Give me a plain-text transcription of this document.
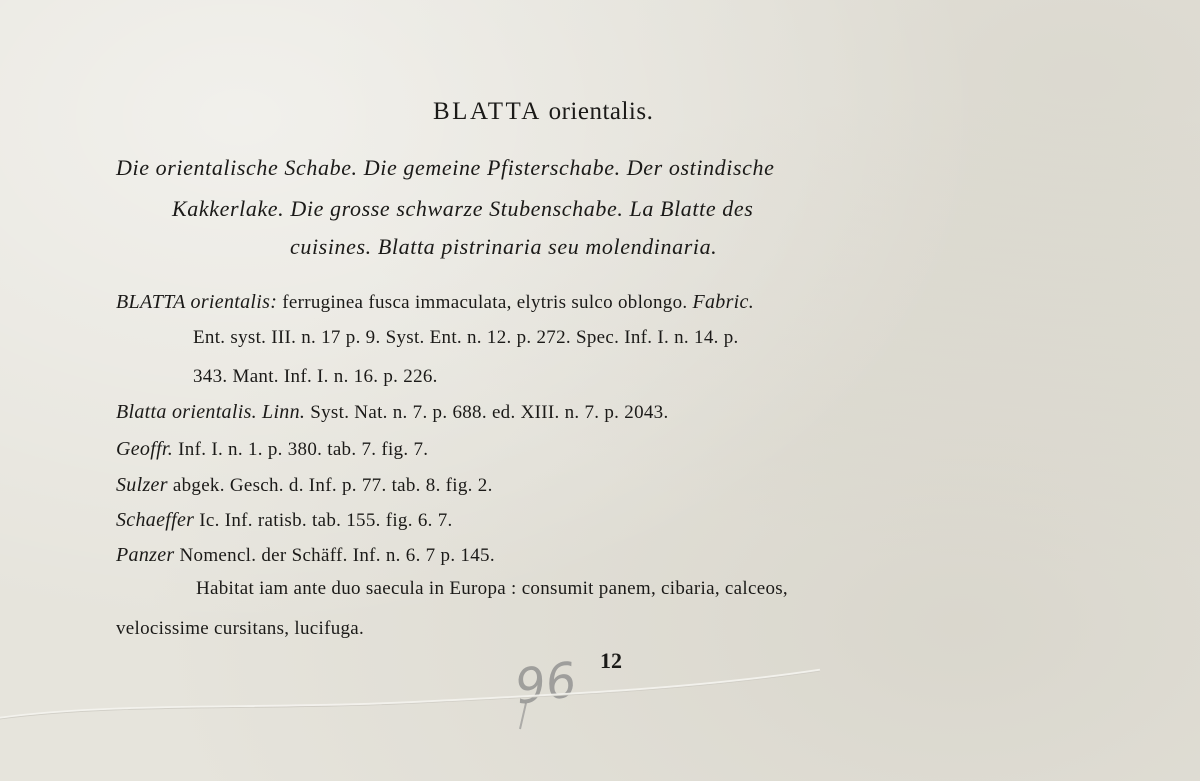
BLATTA orientalis.
Die orientalische Schabe. Die gemeine Pfisterschabe. Der ostindische
Kakkerlake. Die grosse schwarze Stubenschabe. La Blatte des
cuisines. Blatta pistrinaria seu molendinaria.
BLATTA orientalis: ferruginea fusca immaculata, elytris sulco oblongo. Fabric.
Ent. syst. III. n. 17 p. 9. Syst. Ent. n. 12. p. 272. Spec. Inf. I. n. 14. p.
343. Mant. Inf. I. n. 16. p. 226.
Blatta orientalis. Linn. Syst. Nat. n. 7. p. 688. ed. XIII. n. 7. p. 2043.
Geoffr. Inf. I. n. 1. p. 380. tab. 7. fig. 7.
Sulzer abgek. Gesch. d. Inf. p. 77. tab. 8. fig. 2.
Schaeffer Ic. Inf. ratisb. tab. 155. fig. 6. 7.
Panzer Nomencl. der Schäff. Inf. n. 6. 7 p. 145.
Habitat iam ante duo saecula in Europa : consumit panem, cibaria, calceos,
velocissime cursitans, lucifuga.
12
96
